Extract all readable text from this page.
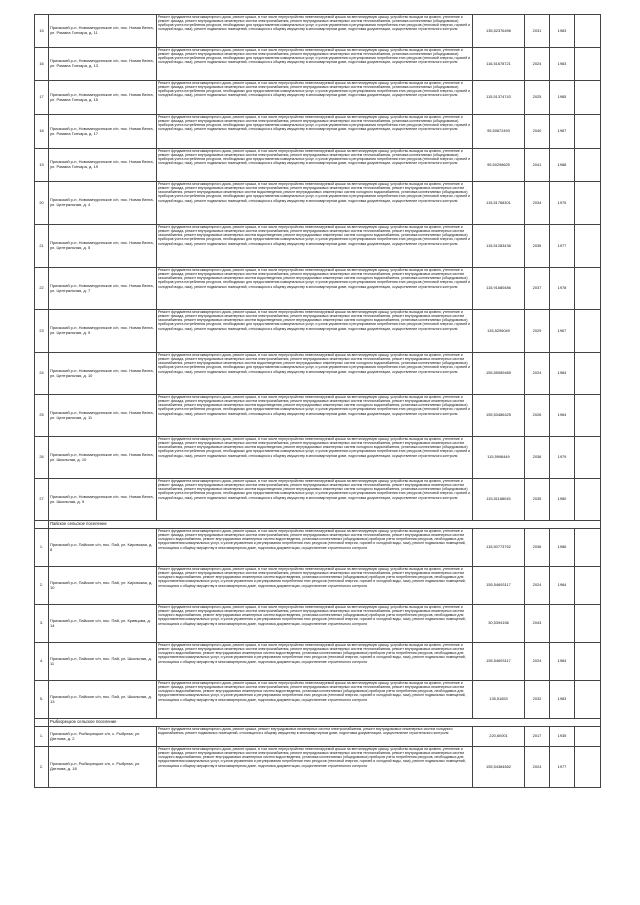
15	Приокский р-н, Новомичуринское с/п, пос. Новая Велга, ул. Романа Гончара, д. 11	Ремонт фундамента многоквартирного дома, ремонт крыши, в том числе переустройство невентилируемой крыши на вентилируемую крышу, устройство выходов на кровлю, утепление и ремонт фасада, ремонт внутридомовых инженерных систем электроснабжения, ремонт внутридомовых инженерных систем теплоснабжения, установка коллективных (общедомовых) приборов учета потребления ресурсов, необходимых для предоставления коммунальных услуг, и узлов управления и регулирования потребления этих ресурсов (тепловой энергии, горячей и холодной воды, газа), ремонт подвальных помещений, относящихся к общему имуществу в многоквартирном доме, подготовка документации, осуществление строительного контроля	135,52376496	2031	1983	
16	Приокский р-н, Новомичуринское с/п, пос. Новая Велга, ул. Романа Гончара, д. 13	Ремонт фундамента многоквартирного дома, ремонт крыши, в том числе переустройство невентилируемой крыши на вентилируемую крышу, устройство выходов на кровлю, утепление и ремонт фасада, ремонт внутридомовых инженерных систем электроснабжения, ремонт внутридомовых инженерных систем теплоснабжения, установка коллективных (общедомовых) приборов учета потребления ресурсов, необходимых для предоставления коммунальных услуг, и узлов управления и регулирования потребления этих ресурсов (тепловой энергии, горячей и холодной воды, газа), ремонт подвальных помещений, относящихся к общему имуществу в многоквартирном доме, подготовка документации, осуществление строительного контроля	116,51678721	2024	1983	
17	Приокский р-н, Новомичуринское с/п, пос. Новая Велга, ул. Романа Гончара, д. 15	Ремонт фундамента многоквартирного дома, ремонт крыши, в том числе переустройство невентилируемой крыши на вентилируемую крышу, устройство выходов на кровлю, утепление и ремонт фасада, ремонт внутридомовых инженерных систем электроснабжения, ремонт внутридомовых инженерных систем теплоснабжения, установка коллективных (общедомовых) приборов учета потребления ресурсов, необходимых для предоставления коммунальных услуг, и узлов управления и регулирования потребления этих ресурсов (тепловой энергии, горячей и холодной воды, газа), ремонт подвальных помещений, относящихся к общему имуществу в многоквартирном доме, подготовка документации, осуществление строительного контроля	115,51374743	2025	1985	
18	Приокский р-н, Новомичуринское с/п, пос. Новая Велга, ул. Романа Гончара, д. 17	Ремонт фундамента многоквартирного дома, ремонт крыши, в том числе переустройство невентилируемой крыши на вентилируемую крышу, устройство выходов на кровлю, утепление и ремонт фасада, ремонт внутридомовых инженерных систем электроснабжения, ремонт внутридомовых инженерных систем теплоснабжения, установка коллективных (общедомовых) приборов учета потребления ресурсов, необходимых для предоставления коммунальных услуг, и узлов управления и регулирования потребления этих ресурсов (тепловой энергии, горячей и холодной воды, газа), ремонт подвальных помещений, относящихся к общему имуществу в многоквартирном доме, подготовка документации, осуществление строительного контроля	95,50672493	2040	1987	
19	Приокский р-н, Новомичуринское с/п, пос. Новая Велга, ул. Романа Гончара, д. 19	Ремонт фундамента многоквартирного дома, ремонт крыши, в том числе переустройство невентилируемой крыши на вентилируемую крышу, устройство выходов на кровлю, утепление и ремонт фасада, ремонт внутридомовых инженерных систем электроснабжения, ремонт внутридомовых инженерных систем теплоснабжения, установка коллективных (общедомовых) приборов учета потребления ресурсов, необходимых для предоставления коммунальных услуг, и узлов управления и регулирования потребления этих ресурсов (тепловой энергии, горячей и холодной воды, газа), ремонт подвальных помещений, относящихся к общему имуществу в многоквартирном доме, подготовка документации, осуществление строительного контроля	95,50298625	2041	1988	
20	Приокский р-н, Новомичуринское с/п, пос. Новая Велга, ул. Центральная, д. 4	Ремонт фундамента многоквартирного дома, ремонт крыши, в том числе переустройство невентилируемой крыши на вентилируемую крышу, устройство выходов на кровлю, утепление и ремонт фасада, ремонт внутридомовых инженерных систем электроснабжения, ремонт внутридомовых инженерных систем теплоснабжения, ремонт внутридомовых инженерных систем газоснабжения, ремонт внутридомовых инженерных систем водоотведения, ремонт внутридомовых инженерных систем холодного водоснабжения, установка коллективных (общедомовых) приборов учета потребления ресурсов, необходимых для предоставления коммунальных услуг, и узлов управления и регулирования потребления этих ресурсов (тепловой энергии, горячей и холодной воды, газа), ремонт подвальных помещений, относящихся к общему имуществу в многоквартирном доме, подготовка документации, осуществление строительного контроля	115,51768301	2034	1975	
21	Приокский р-н, Новомичуринское с/п, пос. Новая Велга, ул. Центральная, д. 5	Ремонт фундамента многоквартирного дома, ремонт крыши, в том числе переустройство невентилируемой крыши на вентилируемую крышу, устройство выходов на кровлю, утепление и ремонт фасада, ремонт внутридомовых инженерных систем электроснабжения, ремонт внутридомовых инженерных систем теплоснабжения, ремонт внутридомовых инженерных систем газоснабжения, ремонт внутридомовых инженерных систем водоотведения, ремонт внутридомовых инженерных систем холодного водоснабжения, установка коллективных (общедомовых) приборов учета потребления ресурсов, необходимых для предоставления коммунальных услуг, и узлов управления и регулирования потребления этих ресурсов (тепловой энергии, горячей и холодной воды, газа), ремонт подвальных помещений, относящихся к общему имуществу в многоквартирном доме, подготовка документации, осуществление строительного контроля	115,51283436	2035	1977	
22	Приокский р-н, Новомичуринское с/п, пос. Новая Велга, ул. Центральная, д. 7	Ремонт фундамента многоквартирного дома, ремонт крыши, в том числе переустройство невентилируемой крыши на вентилируемую крышу, устройство выходов на кровлю, утепление и ремонт фасада, ремонт внутридомовых инженерных систем электроснабжения, ремонт внутридомовых инженерных систем теплоснабжения, ремонт внутридомовых инженерных систем газоснабжения, ремонт внутридомовых инженерных систем водоотведения, ремонт внутридомовых инженерных систем холодного водоснабжения, установка коллективных (общедомовых) приборов учета потребления ресурсов, необходимых для предоставления коммунальных услуг, и узлов управления и регулирования потребления этих ресурсов (тепловой энергии, горячей и холодной воды, газа), ремонт подвальных помещений, относящихся к общему имуществу в многоквартирном доме, подготовка документации, осуществление строительного контроля	115,91680486	2037	1978	
23	Приокский р-н, Новомичуринское с/п, пос. Новая Велга, ул. Центральная, д. 9	Ремонт фундамента многоквартирного дома, ремонт крыши, в том числе переустройство невентилируемой крыши на вентилируемую крышу, устройство выходов на кровлю, утепление и ремонт фасада, ремонт внутридомовых инженерных систем электроснабжения, ремонт внутридомовых инженерных систем теплоснабжения, ремонт внутридомовых инженерных систем газоснабжения, ремонт внутридомовых инженерных систем водоотведения, ремонт внутридомовых инженерных систем холодного водоснабжения, установка коллективных (общедомовых) приборов учета потребления ресурсов, необходимых для предоставления коммунальных услуг, и узлов управления и регулирования потребления этих ресурсов (тепловой энергии, горячей и холодной воды, газа), ремонт подвальных помещений, относящихся к общему имуществу в многоквартирном доме, подготовка документации, осуществление строительного контроля	135,5296049	2029	1967	
24	Приокский р-н, Новомичуринское с/п, пос. Новая Велга, ул. Центральная, д. 10	Ремонт фундамента многоквартирного дома, ремонт крыши, в том числе переустройство невентилируемой крыши на вентилируемую крышу, устройство выходов на кровлю, утепление и ремонт фасада, ремонт внутридомовых инженерных систем электроснабжения, ремонт внутридомовых инженерных систем теплоснабжения, ремонт внутридомовых инженерных систем газоснабжения, ремонт внутридомовых инженерных систем водоотведения, ремонт внутридомовых инженерных систем холодного водоснабжения, установка коллективных (общедомовых) приборов учета потребления ресурсов, необходимых для предоставления коммунальных услуг, и узлов управления и регулирования потребления этих ресурсов (тепловой энергии, горячей и холодной воды, газа), ремонт подвальных помещений, относящихся к общему имуществу в многоквартирном доме, подготовка документации, осуществление строительного контроля	155,55089465	2024	1984	
25	Приокский р-н, Новомичуринское с/п, пос. Новая Велга, ул. Центральная, д. 11	Ремонт фундамента многоквартирного дома, ремонт крыши, в том числе переустройство невентилируемой крыши на вентилируемую крышу, устройство выходов на кровлю, утепление и ремонт фасада, ремонт внутридомовых инженерных систем электроснабжения, ремонт внутридомовых инженерных систем теплоснабжения, ремонт внутридомовых инженерных систем газоснабжения, ремонт внутридомовых инженерных систем водоотведения, ремонт внутридомовых инженерных систем холодного водоснабжения, установка коллективных (общедомовых) приборов учета потребления ресурсов, необходимых для предоставления коммунальных услуг, и узлов управления и регулирования потребления этих ресурсов (тепловой энергии, горячей и холодной воды, газа), ремонт подвальных помещений, относящихся к общему имуществу в многоквартирном доме, подготовка документации, осуществление строительного контроля	155,53486425	2026	1964	
26	Приокский р-н, Новомичуринское с/п, пос. Новая Велга, ул. Школьная, д. 10	Ремонт фундамента многоквартирного дома, ремонт крыши, в том числе переустройство невентилируемой крыши на вентилируемую крышу, устройство выходов на кровлю, утепление и ремонт фасада, ремонт внутридомовых инженерных систем электроснабжения, ремонт внутридомовых инженерных систем теплоснабжения, ремонт внутридомовых инженерных систем газоснабжения, ремонт внутридомовых инженерных систем водоотведения, ремонт внутридомовых инженерных систем холодного водоснабжения, установка коллективных (общедомовых) приборов учета потребления ресурсов, необходимых для предоставления коммунальных услуг, и узлов управления и регулирования потребления этих ресурсов (тепловой энергии, горячей и холодной воды, газа), ремонт подвальных помещений, относящихся к общему имуществу в многоквартирном доме, подготовка документации, осуществление строительного контроля	115,5998449	2036	1979	
27	Приокский р-н, Новомичуринское с/п, пос. Новая Велга, ул. Школьная, д. 9	Ремонт фундамента многоквартирного дома, ремонт крыши, в том числе переустройство невентилируемой крыши на вентилируемую крышу, устройство выходов на кровлю, утепление и ремонт фасада, ремонт внутридомовых инженерных систем электроснабжения, ремонт внутридомовых инженерных систем теплоснабжения, ремонт внутридомовых инженерных систем газоснабжения, ремонт внутридомовых инженерных систем водоотведения, ремонт внутридомовых инженерных систем холодного водоснабжения, установка коллективных (общедомовых) приборов учета потребления ресурсов, необходимых для предоставления коммунальных услуг, и узлов управления и регулирования потребления этих ресурсов (тепловой энергии, горячей и холодной воды, газа), ремонт подвальных помещений, относящихся к общему имуществу в многоквартирном доме, подготовка документации, осуществление строительного контроля	115,51188045	2035	1980	
	Пайское сельское поселение					
1.	Приокский р-н, Пайское с/п, пос. Пай, ул. Кировская, д. 8	Ремонт фундамента многоквартирного дома, ремонт крыши, в том числе переустройство невентилируемой крыши на вентилируемую крышу, устройство выходов на кровлю, утепление и ремонт фасада, ремонт внутридомовых инженерных систем электроснабжения, ремонт внутридомовых инженерных систем теплоснабжения, ремонт внутридомовых инженерных систем холодного водоснабжения, ремонт внутридомовых инженерных систем водоотведения, установка коллективных (общедомовых) приборов учета потребления ресурсов, необходимых для предоставления коммунальных услуг, и узлов управления и регулирования потребления этих ресурсов (тепловой энергии, горячей и холодной воды, газа), ремонт подвальных помещений, относящихся к общему имуществу в многоквартирном доме, подготовка документации, осуществление строительного контроля	115,50773752	2036	1986	
2.	Приокский р-н, Пайское с/п, пос. Пай, ул. Кировская, д. 10	Ремонт фундамента многоквартирного дома, ремонт крыши, в том числе переустройство невентилируемой крыши на вентилируемую крышу, устройство выходов на кровлю, утепление и ремонт фасада, ремонт внутридомовых инженерных систем электроснабжения, ремонт внутридомовых инженерных систем теплоснабжения, ремонт внутридомовых инженерных систем холодного водоснабжения, ремонт внутридомовых инженерных систем водоотведения, установка коллективных (общедомовых) приборов учета потребления ресурсов, необходимых для предоставления коммунальных услуг, и узлов управления и регулирования потребления этих ресурсов (тепловой энергии, горячей и холодной воды, газа), ремонт подвальных помещений, относящихся к общему имуществу в многоквартирном доме, подготовка документации, осуществление строительного контроля	155,54693117	2024	1984	
3.	Приокский р-н, Пайское с/п, пос. Пай, ул. Кривцова, д. 14	Ремонт фундамента многоквартирного дома, ремонт крыши, в том числе переустройство невентилируемой крыши на вентилируемую крышу, устройство выходов на кровлю, утепление и ремонт фасада, ремонт внутридомовых инженерных систем электроснабжения, ремонт внутридомовых инженерных систем теплоснабжения, ремонт внутридомовых инженерных систем холодного водоснабжения, ремонт внутридомовых инженерных систем водоотведения, установка коллективных (общедомовых) приборов учета потребления ресурсов, необходимых для предоставления коммунальных услуг, и узлов управления и регулирования потребления этих ресурсов (тепловой энергии, горячей и холодной воды, газа), ремонт подвальных помещений, относящихся к общему имуществу в многоквартирном доме, подготовка документации, осуществление строительного контроля	30,5394156	2043		
4.	Приокский р-н, Пайское с/п, пос. Пай, ул. Школьная, д. 11	Ремонт фундамента многоквартирного дома, ремонт крыши, в том числе переустройство невентилируемой крыши на вентилируемую крышу, устройство выходов на кровлю, утепление и ремонт фасада, ремонт внутридомовых инженерных систем электроснабжения, ремонт внутридомовых инженерных систем теплоснабжения, ремонт внутридомовых инженерных систем холодного водоснабжения, ремонт внутридомовых инженерных систем водоотведения, установка коллективных (общедомовых) приборов учета потребления ресурсов, необходимых для предоставления коммунальных услуг, и узлов управления и регулирования потребления этих ресурсов (тепловой энергии, горячей и холодной воды, газа), ремонт подвальных помещений, относящихся к общему имуществу в многоквартирном доме, подготовка документации, осуществление строительного контроля	155,54693117	2024	1984	
5.	Приокский р-н, Пайское с/п, пос. Пай, ул. Школьная, д. 13	Ремонт фундамента многоквартирного дома, ремонт крыши, в том числе переустройство невентилируемой крыши на вентилируемую крышу, устройство выходов на кровлю, утепление и ремонт фасада, ремонт внутридомовых инженерных систем электроснабжения, ремонт внутридомовых инженерных систем теплоснабжения, ремонт внутридомовых инженерных систем холодного водоснабжения, ремонт внутридомовых инженерных систем водоотведения, установка коллективных (общедомовых) приборов учета потребления ресурсов, необходимых для предоставления коммунальных услуг, и узлов управления и регулирования потребления этих ресурсов (тепловой энергии, горячей и холодной воды, газа), ремонт подвальных помещений, относящихся к общему имуществу в многоквартирном доме, подготовка документации, осуществление строительного контроля	135,51653	2032	1983	
	Рыбкорецкое сельское поселение					
1.	Приокский р-н, Рыбкорецкое с/п, с. Рыбреза, ул. Дятлова, д. 2	Ремонт фундамента многоквартирного дома, ремонт крыши, ремонт внутридомовых инженерных систем электроснабжения, ремонт внутридомовых инженерных систем холодного водоснабжения, ремонт подвальных помещений, относящихся к общему имуществу в многоквартирном доме, подготовка документации, осуществление строительного контроля	220,60001	2017	1935	
2.	Приокский р-н, Рыбкорецкое с/п, с. Рыбреза, ул. Дятлова, д. 18	Ремонт фундамента многоквартирного дома, ремонт крыши, в том числе переустройство невентилируемой крыши на вентилируемую крышу, устройство выходов на кровлю, утепление и ремонт фасада, ремонт внутридомовых инженерных систем электроснабжения, ремонт внутридомовых инженерных систем теплоснабжения, ремонт внутридомовых инженерных систем холодного водоснабжения, ремонт внутридомовых инженерных систем водоотведения, установка коллективных (общедомовых) приборов учета потребления ресурсов, необходимых для предоставления коммунальных услуг, и узлов управления и регулирования потребления этих ресурсов (тепловой энергии, горячей и холодной воды, газа), ремонт подвальных помещений, относящихся к общему имуществу в многоквартирном доме, подготовка документации, осуществление строительного контроля	155,54384652	2024	1977	
